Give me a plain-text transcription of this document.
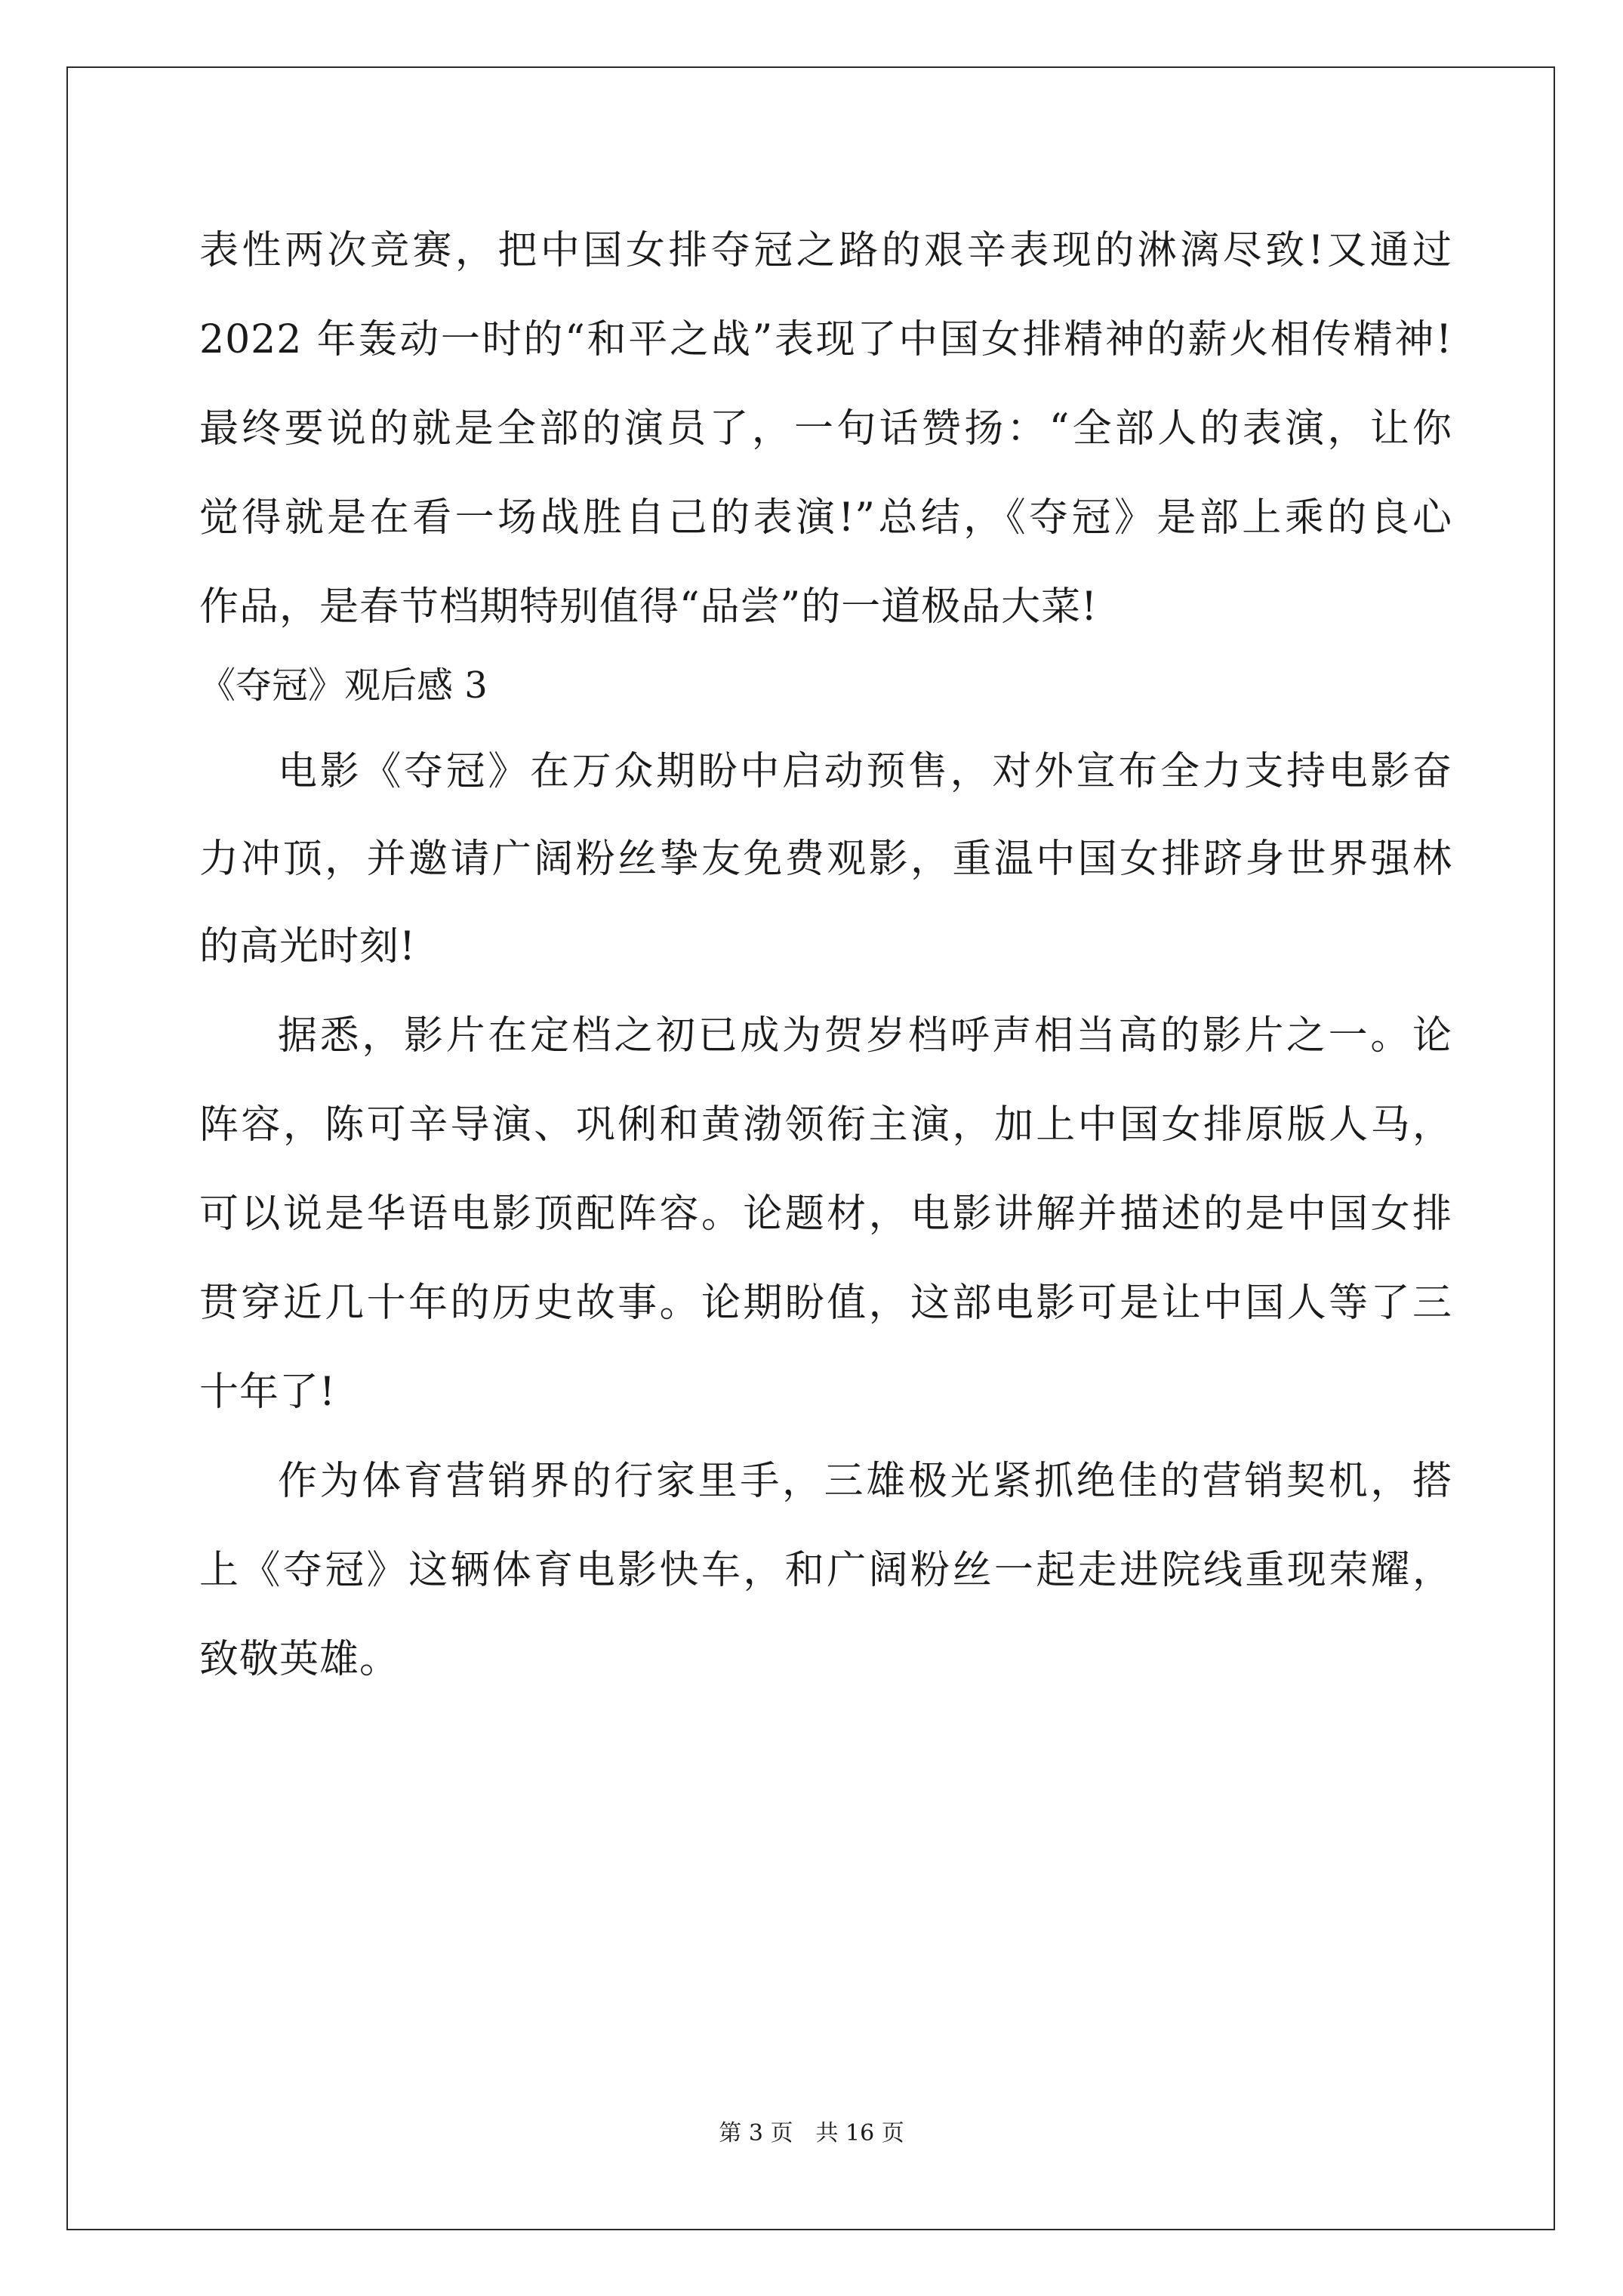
表性两次竞赛，把中国女排夺冠之路的艰辛表现的淋漓尽致!又通过
2022 年轰动一时的“和平之战”表现了中国女排精神的薪火相传精神!
最终要说的就是全部的演员了，一句话赞扬：“全部人的表演，让你
觉得就是在看一场战胜自己的表演!”总结，《夺冠》是部上乘的良心
作品，是春节档期特别值得“品尝”的一道极品大菜!
《夺冠》观后感 3
电影《夺冠》在万众期盼中启动预售，对外宣布全力支持电影奋
力冲顶，并邀请广阔粉丝挚友免费观影，重温中国女排跻身世界强林
的高光时刻!
据悉，影片在定档之初已成为贺岁档呼声相当高的影片之一。论
阵容，陈可辛导演、巩俐和黄渤领衔主演，加上中国女排原版人马，
可以说是华语电影顶配阵容。论题材，电影讲解并描述的是中国女排
贯穿近几十年的历史故事。论期盼值，这部电影可是让中国人等了三
十年了!
作为体育营销界的行家里手，三雄极光紧抓绝佳的营销契机，搭
上《夺冠》这辆体育电影快车，和广阔粉丝一起走进院线重现荣耀，
致敬英雄。
第 3 页 共 16 页
